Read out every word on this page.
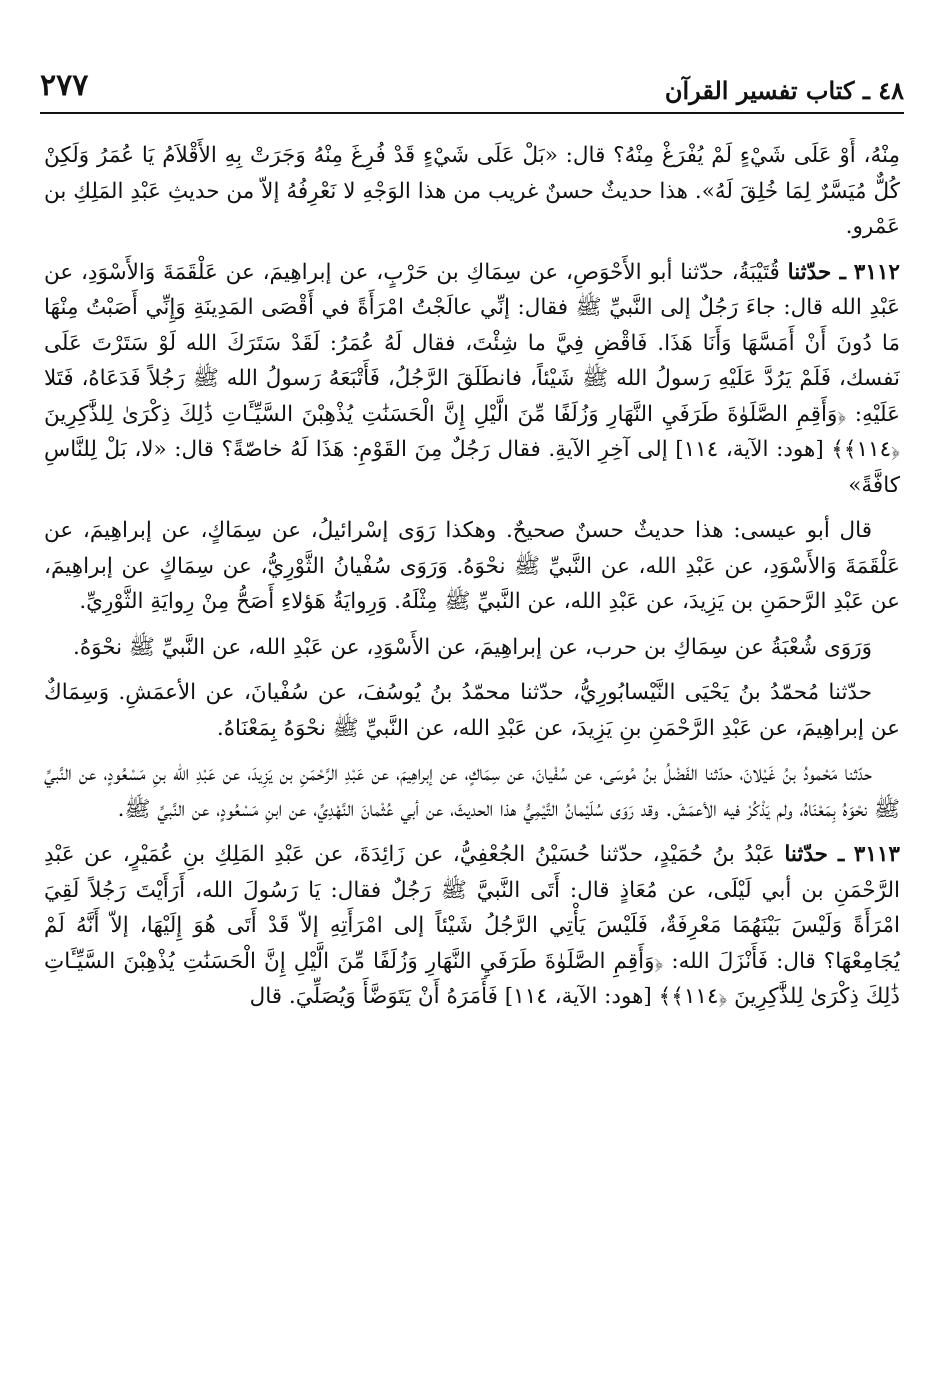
٤٨ ـ كتاب تفسير القرآن
٢٧٧

مِنْهُ، أَوْ عَلَى شَيْءٍ لَمْ يُفْرَغْ مِنْهُ؟ قال: «بَلْ عَلَى شَيْءٍ قَدْ فُرِغَ مِنْهُ وَجَرَتْ بِهِ الأَقْلاَمُ يَا عُمَرُ وَلَكِنْ كُلٌّ مُيَسَّرٌ لِمَا خُلِقَ لَهُ». هذا حديثٌ حسنٌ غريب من هذا الوَجْهِ لا نَعْرِفُهُ إلاّ من حديثِ عَبْدِ المَلِكِ بن عَمْرو.

٣١١٢ ـ حدّثنا قُتَيْبَةُ، حدّثنا أبو الأَحْوَصِ، عن سِمَاكِ بن حَرْبٍ، عن إبراهِيمَ، عن عَلْقَمَةَ وَالأَسْوَدِ، عن عَبْدِ الله قال: جاءَ رَجُلٌ إلى النَّبيِّ ﷺ فقال: إنِّي عالَجْتُ امْرَأَةً في أَقْصَى المَدِينَةِ وَإِنِّي أَصَبْتُ مِنْهَا مَا دُونَ أَنْ أَمَسَّهَا وَأَنَا هَذَا. فَاقْضِ فِيَّ ما شِئْتَ، فقال لَهُ عُمَرُ: لَقَدْ سَتَرَكَ الله لَوْ سَتَرْتَ عَلَى نَفسك، فَلَمْ يَرُدَّ عَلَيْهِ رَسولُ الله ﷺ شَيْئاً، فانطَلَقَ الرَّجُلُ، فَأَتْبَعَهُ رَسولُ الله ﷺ رَجُلاً فَدَعَاهُ، فَتَلا عَلَيْهِ: ﴿وَأَقِمِ الصَّلَوٰةَ طَرَفَيِ النَّهَارِ وَزُلَفًا مِّنَ الَّيْلِ إِنَّ الْحَسَنَٰتِ يُذْهِبْنَ السَّيِّـَٔاتِ ذَٰلِكَ ذِكْرَىٰ لِلذَّٰكِرِينَ ﴿١١٤﴾﴾ [هود: الآية، ١١٤] إلى آخِرِ الآيةِ. فقال رَجُلٌ مِنَ القَوْمِ: هَذَا لَهُ خاصّةً؟ قال: «لا، بَلْ لِلنَّاسِ كافَّةً»

قال أبو عيسى: هذا حديثٌ حسنٌ صحيحٌ. وهكذا رَوَى إسْرائيلُ، عن سِمَاكٍ، عن إبراهِيمَ، عن عَلْقَمَةَ وَالأَسْوَدِ، عن عَبْدِ الله، عن النَّبيِّ ﷺ نحْوَهُ. وَرَوَى سُفْيانُ الثَّوْرِيُّ، عن سِمَاكٍ عن إبراهِيمَ، عن عَبْدِ الرَّحمَنِ بن يَزِيدَ، عن عَبْدِ الله، عن النَّبيِّ ﷺ مِثْلَهُ. وَرِوايَةُ هَؤلاءِ أَصَحُّ مِنْ رِوايَةِ الثَّوْرِيِّ.

وَرَوَى شُعْبَةُ عن سِمَاكِ بن حرب، عن إبراهِيمَ، عن الأَسْوَدِ، عن عَبْدِ الله، عن النَّبيِّ ﷺ نحْوَهُ.

حدّثنا مُحمّدُ بنُ يَحْيَى النَّيْسابُورِيُّ، حدّثنا محمّدُ بنُ يُوسُفَ، عن سُفْيانَ، عن الأعمَشِ. وَسِمَاكٌ عن إبراهِيمَ، عن عَبْدِ الرَّحْمَنِ بنِ يَزِيدَ، عن عَبْدِ الله، عن النَّبيِّ ﷺ نحْوَهُ بِمَعْنَاهُ.

حدّثنا مَحْمودُ بنُ غَيْلانَ، حدّثنا الفَضْلُ بنُ مُوسَى، عن سُفْيانَ، عن سِمَاكٍ، عن إبراهِيمَ، عن عَبْدِ الرَّحْمَنِ بن يَزِيدَ، عن عَبْدِ الله بنِ مَسْعُودٍ، عن النَّبيِّ ﷺ نحْوَهُ بِمَعْنَاهُ، ولم يَذْكُرْ فيه الأعمَشَ. وقد رَوَى سُلَيْمانُ التَّيْمِيُّ هذا الحديثَ، عن أبي عُثْمانَ النَّهْدِيِّ، عن ابنِ مَسْعُودٍ، عن النَّبيِّ ﷺ.

٣١١٣ ـ حدّثنا عَبْدُ بنُ حُمَيْدٍ، حدّثنا حُسَيْنُ الجُعْفِيُّ، عن زَائِدَةَ، عن عَبْدِ المَلِكِ بنِ عُمَيْرٍ، عن عَبْدِ الرَّحْمَنِ بن أبي لَيْلَى، عن مُعَاذٍ قال: أَتَى النَّبيَّ ﷺ رَجُلٌ فقال: يَا رَسُولَ الله، أَرَأَيْتَ رَجُلاً لَقِيَ امْرَأَةً وَلَيْسَ بَيْنَهُمَا مَعْرِفَةٌ، فَلَيْسَ يَأْتِي الرَّجُلُ شَيْئاً إلى امْرَأَتِهِ إلاّ قَدْ أَتَى هُوَ إِلَيْهَا، إلاّ أَنَّهُ لَمْ يُجَامِعْهَا؟ قال: فَأَنْزَلَ الله: ﴿وَأَقِمِ الصَّلَوٰةَ طَرَفَيِ النَّهَارِ وَزُلَفًا مِّنَ الَّيْلِ إِنَّ الْحَسَنَٰتِ يُذْهِبْنَ السَّيِّـَٔاتِ ذَٰلِكَ ذِكْرَىٰ لِلذَّٰكِرِينَ ﴿١١٤﴾﴾ [هود: الآية، ١١٤] فَأَمَرَهُ أَنْ يَتَوَضَّأَ وَيُصَلِّيَ. قال
